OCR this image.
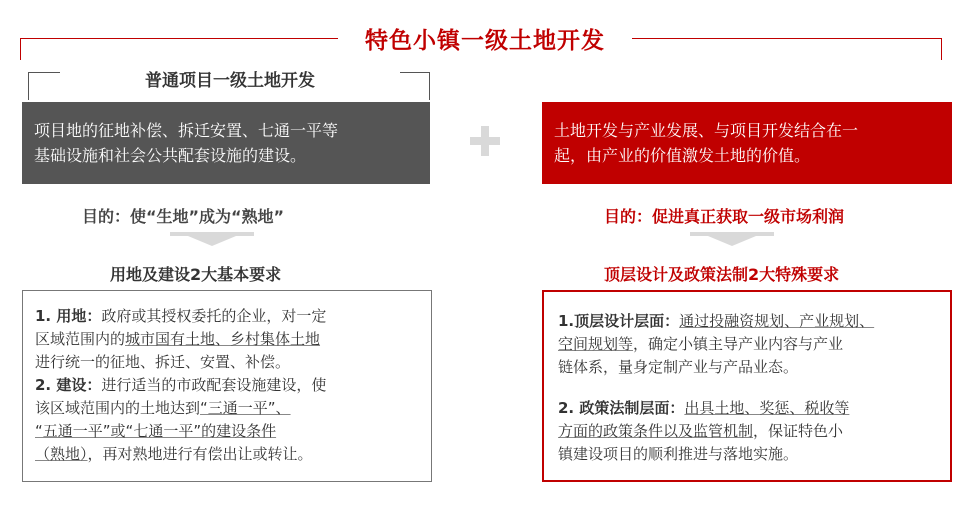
特色小镇一级土地开发
普通项目一级土地开发
项目地的征地补偿、拆迁安置、七通一平等
基础设施和社会公共配套设施的建设。
土地开发与产业发展、与项目开发结合在一
起，由产业的价值激发土地的价值。
目的：使“生地”成为“熟地”	目的：促进真正获取一级市场利润
用地及建设2大基本要求	顶层设计及政策法制2大特殊要求

1. 用地：政府或其授权委托的企业，对一定

区域范围内的城市国有土地、乡村集体土地

进行统一的征地、拆迁、安置、补偿。

2. 建设：进行适当的市政配套设施建设，使

该区域范围内的土地达到“三通一平”、

“五通一平”或“七通一平”的建设条件

（熟地），再对熟地进行有偿出让或转让。

1.顶层设计层面：通过投融资规划、产业规划、

空间规划等，确定小镇主导产业内容与产业

链体系，量身定制产业与产品业态。

2. 政策法制层面：出具土地、奖惩、税收等

方面的政策条件以及监管机制，保证特色小

镇建设项目的顺利推进与落地实施。
